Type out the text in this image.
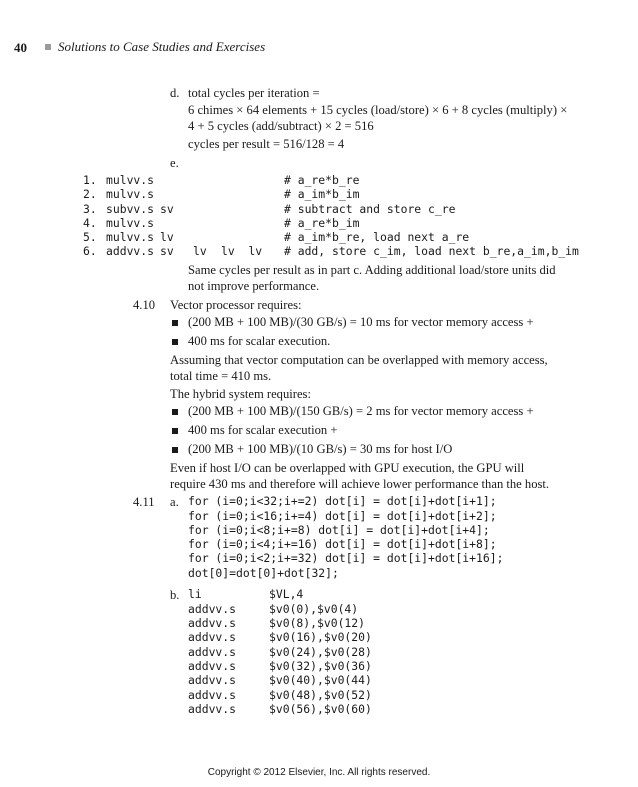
40 Solutions to Case Studies and Exercises
d. total cycles per iteration =
6 chimes × 64 elements + 15 cycles (load/store) × 6 + 8 cycles (multiply) ×
4 + 5 cycles (add/subtract) × 2 = 516
cycles per result = 516/128 = 4
e.
1. mulvv.s	# a_re*b_re
2. mulvv.s	# a_im*b_im
3. subvv.s sv	# subtract and store c_re
4. mulvv.s	# a_re*b_im
5. mulvv.s lv	# a_im*b_re, load next a_re
6. addvv.s sv lv lv  lv # add, store c_im, load next b_re,a_im,b_im
Same cycles per result as in part c. Adding additional load/store units did not improve performance.
4.10 Vector processor requires:
(200 MB + 100 MB)/(30 GB/s) = 10 ms for vector memory access +
400 ms for scalar execution.
Assuming that vector computation can be overlapped with memory access, total time = 410 ms.
The hybrid system requires:
(200 MB + 100 MB)/(150 GB/s) = 2 ms for vector memory access +
400 ms for scalar execution +
(200 MB + 100 MB)/(10 GB/s) = 30 ms for host I/O
Even if host I/O can be overlapped with GPU execution, the GPU will require 430 ms and therefore will achieve lower performance than the host.
4.11 a. for (i=0;i<32;i+=2) dot[i] = dot[i]+dot[i+1];
for (i=0;i<16;i+=4) dot[i] = dot[i]+dot[i+2];
for (i=0;i<8;i+=8) dot[i] = dot[i]+dot[i+4];
for (i=0;i<4;i+=16) dot[i] = dot[i]+dot[i+8];
for (i=0;i<2;i+=32) dot[i] = dot[i]+dot[i+16];
dot[0]=dot[0]+dot[32];
b. li	$VL,4
addvv.s	$v0(0),$v0(4)
addvv.s	$v0(8),$v0(12)
addvv.s	$v0(16),$v0(20)
addvv.s	$v0(24),$v0(28)
addvv.s	$v0(32),$v0(36)
addvv.s	$v0(40),$v0(44)
addvv.s	$v0(48),$v0(52)
addvv.s	$v0(56),$v0(60)
Copyright © 2012 Elsevier, Inc. All rights reserved.
